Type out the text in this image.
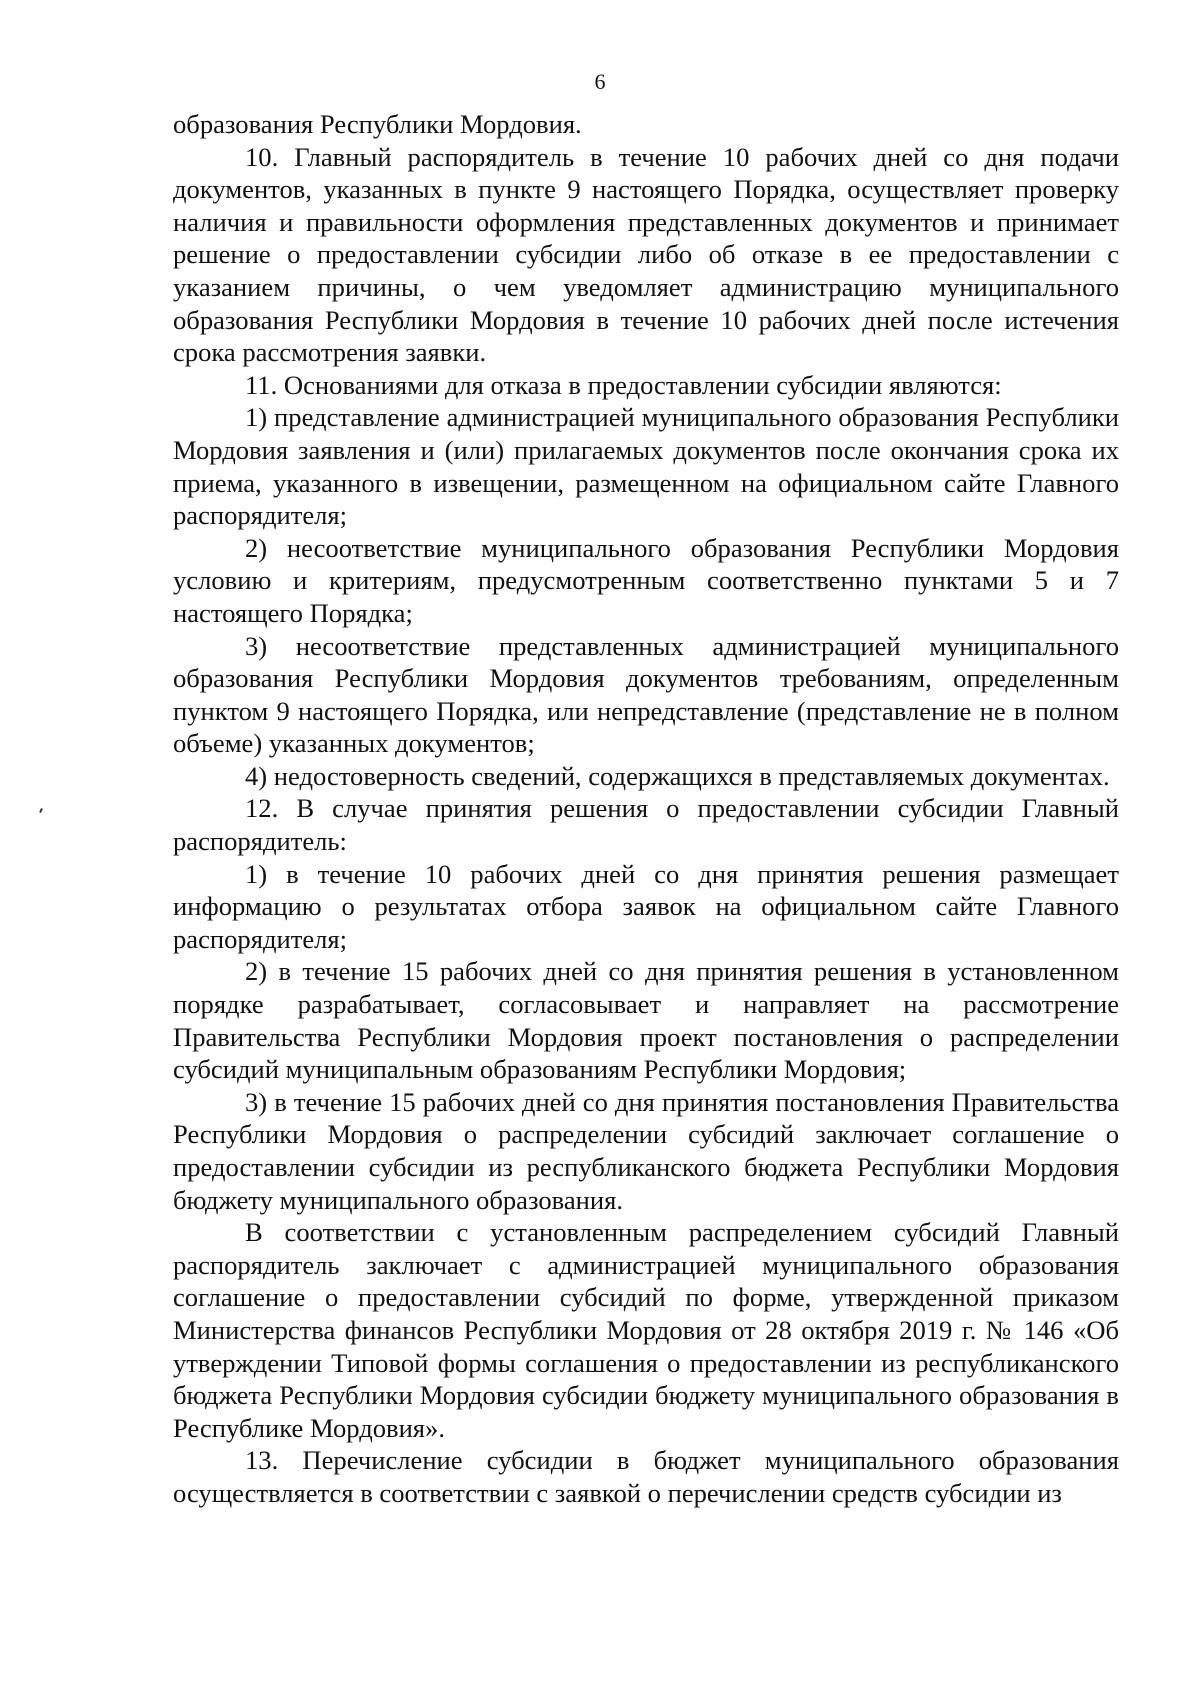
6

образования Республики Мордовия.

10. Главный распорядитель в течение 10 рабочих дней со дня подачи документов, указанных в пункте 9 настоящего Порядка, осуществляет проверку наличия и правильности оформления представленных документов и принимает решение о предоставлении субсидии либо об отказе в ее предоставлении с указанием причины, о чем уведомляет администрацию муниципального образования Республики Мордовия в течение 10 рабочих дней после истечения срока рассмотрения заявки.

11. Основаниями для отказа в предоставлении субсидии являются:

1) представление администрацией муниципального образования Республики Мордовия заявления и (или) прилагаемых документов после окончания срока их приема, указанного в извещении, размещенном на официальном сайте Главного распорядителя;

2) несоответствие муниципального образования Республики Мордовия условию и критериям, предусмотренным соответственно пунктами 5 и 7 настоящего Порядка;

3) несоответствие представленных администрацией муниципального образования Республики Мордовия документов требованиям, определенным пунктом 9 настоящего Порядка, или непредставление (представление не в полном объеме) указанных документов;

4) недостоверность сведений, содержащихся в представляемых документах.

12. В случае принятия решения о предоставлении субсидии Главный распорядитель:

1) в течение 10 рабочих дней со дня принятия решения размещает информацию о результатах отбора заявок на официальном сайте Главного распорядителя;

2) в течение 15 рабочих дней со дня принятия решения в установленном порядке разрабатывает, согласовывает и направляет на рассмотрение Правительства Республики Мордовия проект постановления о распределении субсидий муниципальным образованиям Республики Мордовия;

3) в течение 15 рабочих дней со дня принятия постановления Правительства Республики Мордовия о распределении субсидий заключает соглашение о предоставлении субсидии из республиканского бюджета Республики Мордовия бюджету муниципального образования.

В соответствии с установленным распределением субсидий Главный распорядитель заключает с администрацией муниципального образования соглашение о предоставлении субсидий по форме, утвержденной приказом Министерства финансов Республики Мордовия от 28 октября 2019 г. № 146 «Об утверждении Типовой формы соглашения о предоставлении из республиканского бюджета Республики Мордовия субсидии бюджету муниципального образования в Республике Мордовия».

13. Перечисление субсидии в бюджет муниципального образования осуществляется в соответствии с заявкой о перечислении средств субсидии из
